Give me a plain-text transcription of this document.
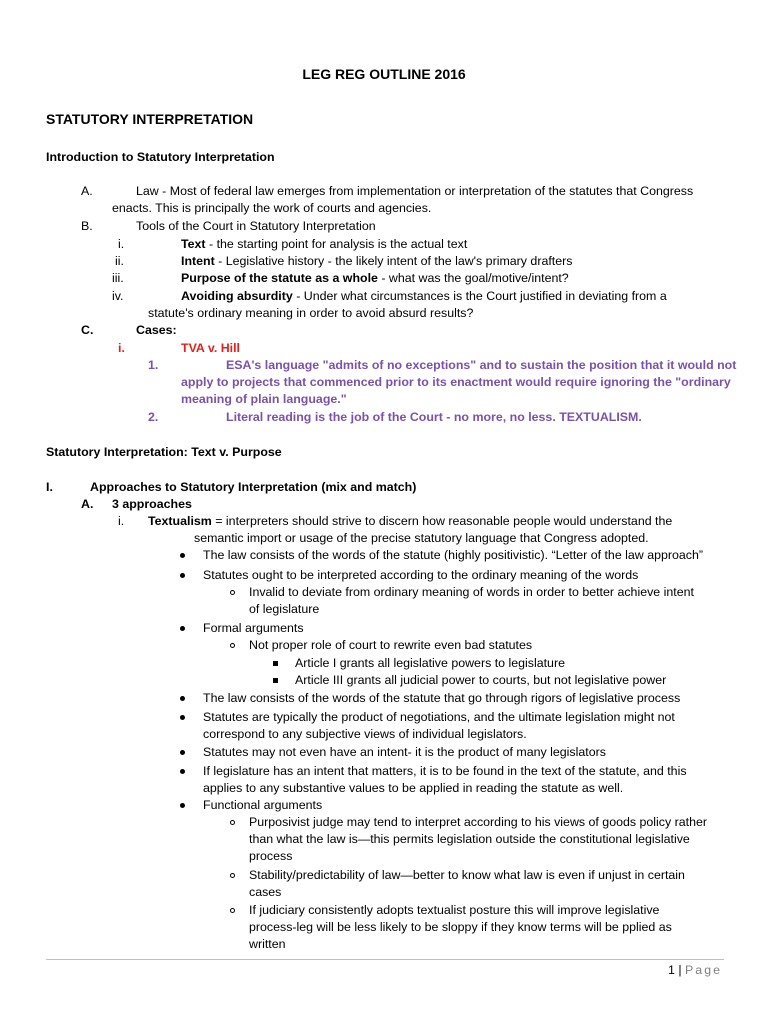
LEG REG OUTLINE 2016
STATUTORY INTERPRETATION
Introduction to Statutory Interpretation
A.	Law - Most of federal law emerges from implementation or interpretation of the statutes that Congress
enacts. This is principally the work of courts and agencies.
B.	Tools of the Court in Statutory Interpretation
i.	Text - the starting point for analysis is the actual text
ii.	Intent - Legislative history - the likely intent of the law's primary drafters
iii.	Purpose of the statute as a whole - what was the goal/motive/intent?
iv.	Avoiding absurdity - Under what circumstances is the Court justified in deviating from a
statute's ordinary meaning in order to avoid absurd results?
C.	Cases:
i.	TVA v. Hill
1.	ESA's language "admits of no exceptions" and to sustain the position that it would not
apply to projects that commenced prior to its enactment would require ignoring the "ordinary
meaning of plain language."
2.	Literal reading is the job of the Court - no more, no less. TEXTUALISM.
Statutory Interpretation: Text v. Purpose
I.	Approaches to Statutory Interpretation (mix and match)
A. 3 approaches
i. Textualism = interpreters should strive to discern how reasonable people would understand the
semantic import or usage of the precise statutory language that Congress adopted.
The law consists of the words of the statute (highly positivistic). “Letter of the law approach”
Statutes ought to be interpreted according to the ordinary meaning of the words
Invalid to deviate from ordinary meaning of words in order to better achieve intent
of legislature
Formal arguments
Not proper role of court to rewrite even bad statutes
Article I grants all legislative powers to legislature
Article III grants all judicial power to courts, but not legislative power
The law consists of the words of the statute that go through rigors of legislative process
Statutes are typically the product of negotiations, and the ultimate legislation might not
correspond to any subjective views of individual legislators.
Statutes may not even have an intent- it is the product of many legislators
If legislature has an intent that matters, it is to be found in the text of the statute, and this
applies to any substantive values to be applied in reading the statute as well.
Functional arguments
Purposivist judge may tend to interpret according to his views of goods policy rather
than what the law is—this permits legislation outside the constitutional legislative
process
Stability/predictability of law—better to know what law is even if unjust in certain
cases
If judiciary consistently adopts textualist posture this will improve legislative
process-leg will be less likely to be sloppy if they know terms will be pplied as
written
1 | Page
